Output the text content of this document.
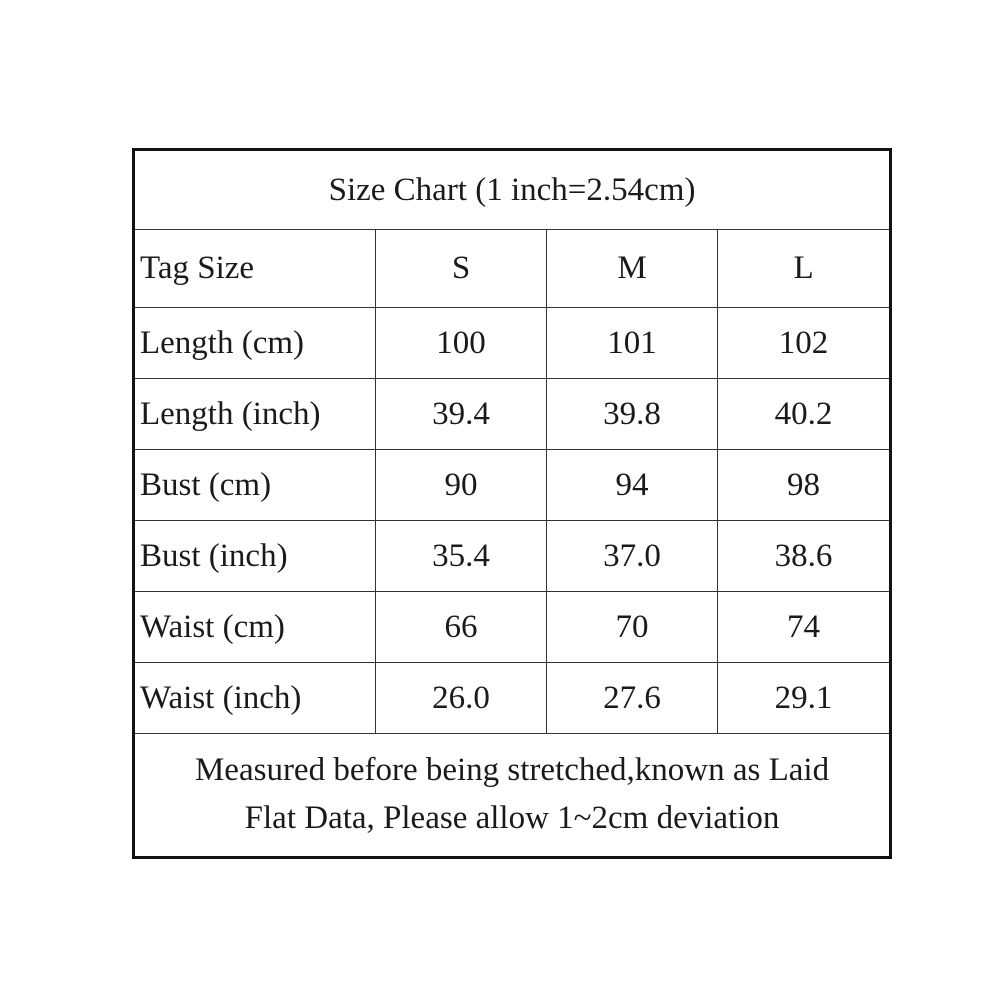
Size Chart (1 inch=2.54cm)			
Tag Size	S	M	L
Length (cm)	100	101	102
Length (inch)	39.4	39.8	40.2
Bust (cm)	90	94	98
Bust (inch)	35.4	37.0	38.6
Waist (cm)	66	70	74
Waist (inch)	26.0	27.6	29.1

Measured before being stretched,known as Laid
Flat Data, Please allow 1~2cm deviation			
